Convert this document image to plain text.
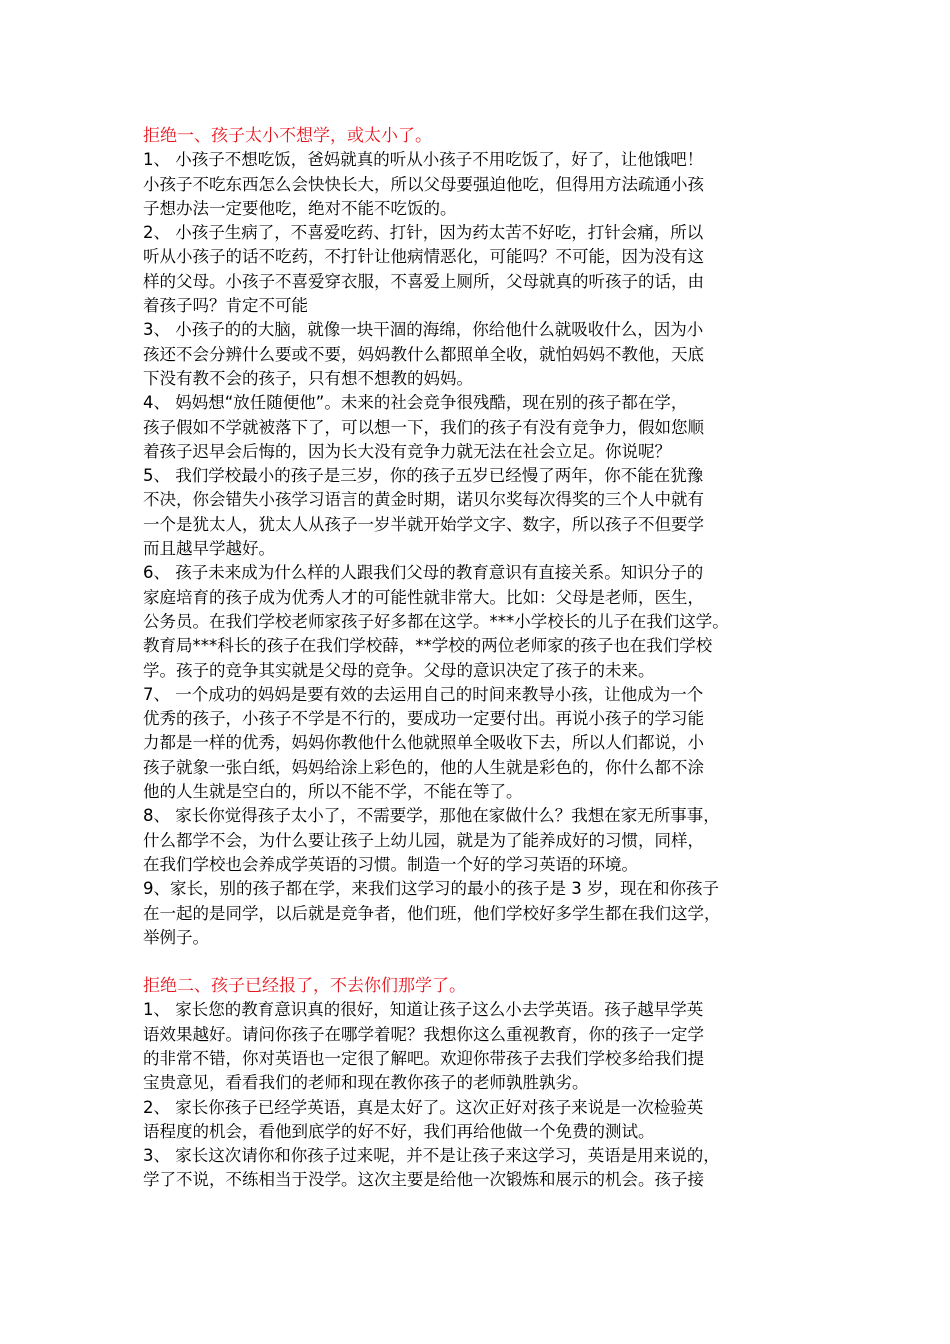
拒绝一、孩子太小不想学，或太小了。
1、 小孩子不想吃饭，爸妈就真的听从小孩子不用吃饭了，好了，让他饿吧！
小孩子不吃东西怎么会快快长大，所以父母要强迫他吃，但得用方法疏通小孩
子想办法一定要他吃，绝对不能不吃饭的。
2、 小孩子生病了，不喜爱吃药、打针，因为药太苦不好吃，打针会痛，所以
听从小孩子的话不吃药，不打针让他病情恶化，可能吗？不可能，因为没有这
样的父母。小孩子不喜爱穿衣服，不喜爱上厕所，父母就真的听孩子的话，由
着孩子吗？肯定不可能
3、 小孩子的的大脑，就像一块干涸的海绵，你给他什么就吸收什么，因为小
孩还不会分辨什么要或不要，妈妈教什么都照单全收，就怕妈妈不教他，天底
下没有教不会的孩子，只有想不想教的妈妈。
4、 妈妈想“放任随便他”。未来的社会竞争很残酷，现在别的孩子都在学，
孩子假如不学就被落下了，可以想一下，我们的孩子有没有竞争力，假如您顺
着孩子迟早会后悔的，因为长大没有竞争力就无法在社会立足。你说呢？
5、 我们学校最小的孩子是三岁，你的孩子五岁已经慢了两年，你不能在犹豫
不决，你会错失小孩学习语言的黄金时期，诺贝尔奖每次得奖的三个人中就有
一个是犹太人，犹太人从孩子一岁半就开始学文字、数字，所以孩子不但要学
而且越早学越好。
6、 孩子未来成为什么样的人跟我们父母的教育意识有直接关系。知识分子的
家庭培育的孩子成为优秀人才的可能性就非常大。比如：父母是老师，医生，
公务员。在我们学校老师家孩子好多都在这学。***小学校长的儿子在我们这学。
教育局***科长的孩子在我们学校薛，**学校的两位老师家的孩子也在我们学校
学。孩子的竞争其实就是父母的竞争。父母的意识决定了孩子的未来。
7、 一个成功的妈妈是要有效的去运用自己的时间来教导小孩，让他成为一个
优秀的孩子，小孩子不学是不行的，要成功一定要付出。再说小孩子的学习能
力都是一样的优秀，妈妈你教他什么他就照单全吸收下去，所以人们都说，小
孩子就象一张白纸，妈妈给涂上彩色的，他的人生就是彩色的，你什么都不涂
他的人生就是空白的，所以不能不学，不能在等了。
8、 家长你觉得孩子太小了，不需要学，那他在家做什么？我想在家无所事事，
什么都学不会，为什么要让孩子上幼儿园，就是为了能养成好的习惯，同样，
在我们学校也会养成学英语的习惯。制造一个好的学习英语的环境。
9、家长，别的孩子都在学，来我们这学习的最小的孩子是 3 岁，现在和你孩子
在一起的是同学，以后就是竞争者，他们班，他们学校好多学生都在我们这学，
举例子。
拒绝二、孩子已经报了，不去你们那学了。
1、 家长您的教育意识真的很好，知道让孩子这么小去学英语。孩子越早学英
语效果越好。请问你孩子在哪学着呢？我想你这么重视教育，你的孩子一定学
的非常不错，你对英语也一定很了解吧。欢迎你带孩子去我们学校多给我们提
宝贵意见，看看我们的老师和现在教你孩子的老师孰胜孰劣。
2、 家长你孩子已经学英语，真是太好了。这次正好对孩子来说是一次检验英
语程度的机会，看他到底学的好不好，我们再给他做一个免费的测试。
3、 家长这次请你和你孩子过来呢，并不是让孩子来这学习，英语是用来说的，
学了不说，不练相当于没学。这次主要是给他一次锻炼和展示的机会。孩子接
